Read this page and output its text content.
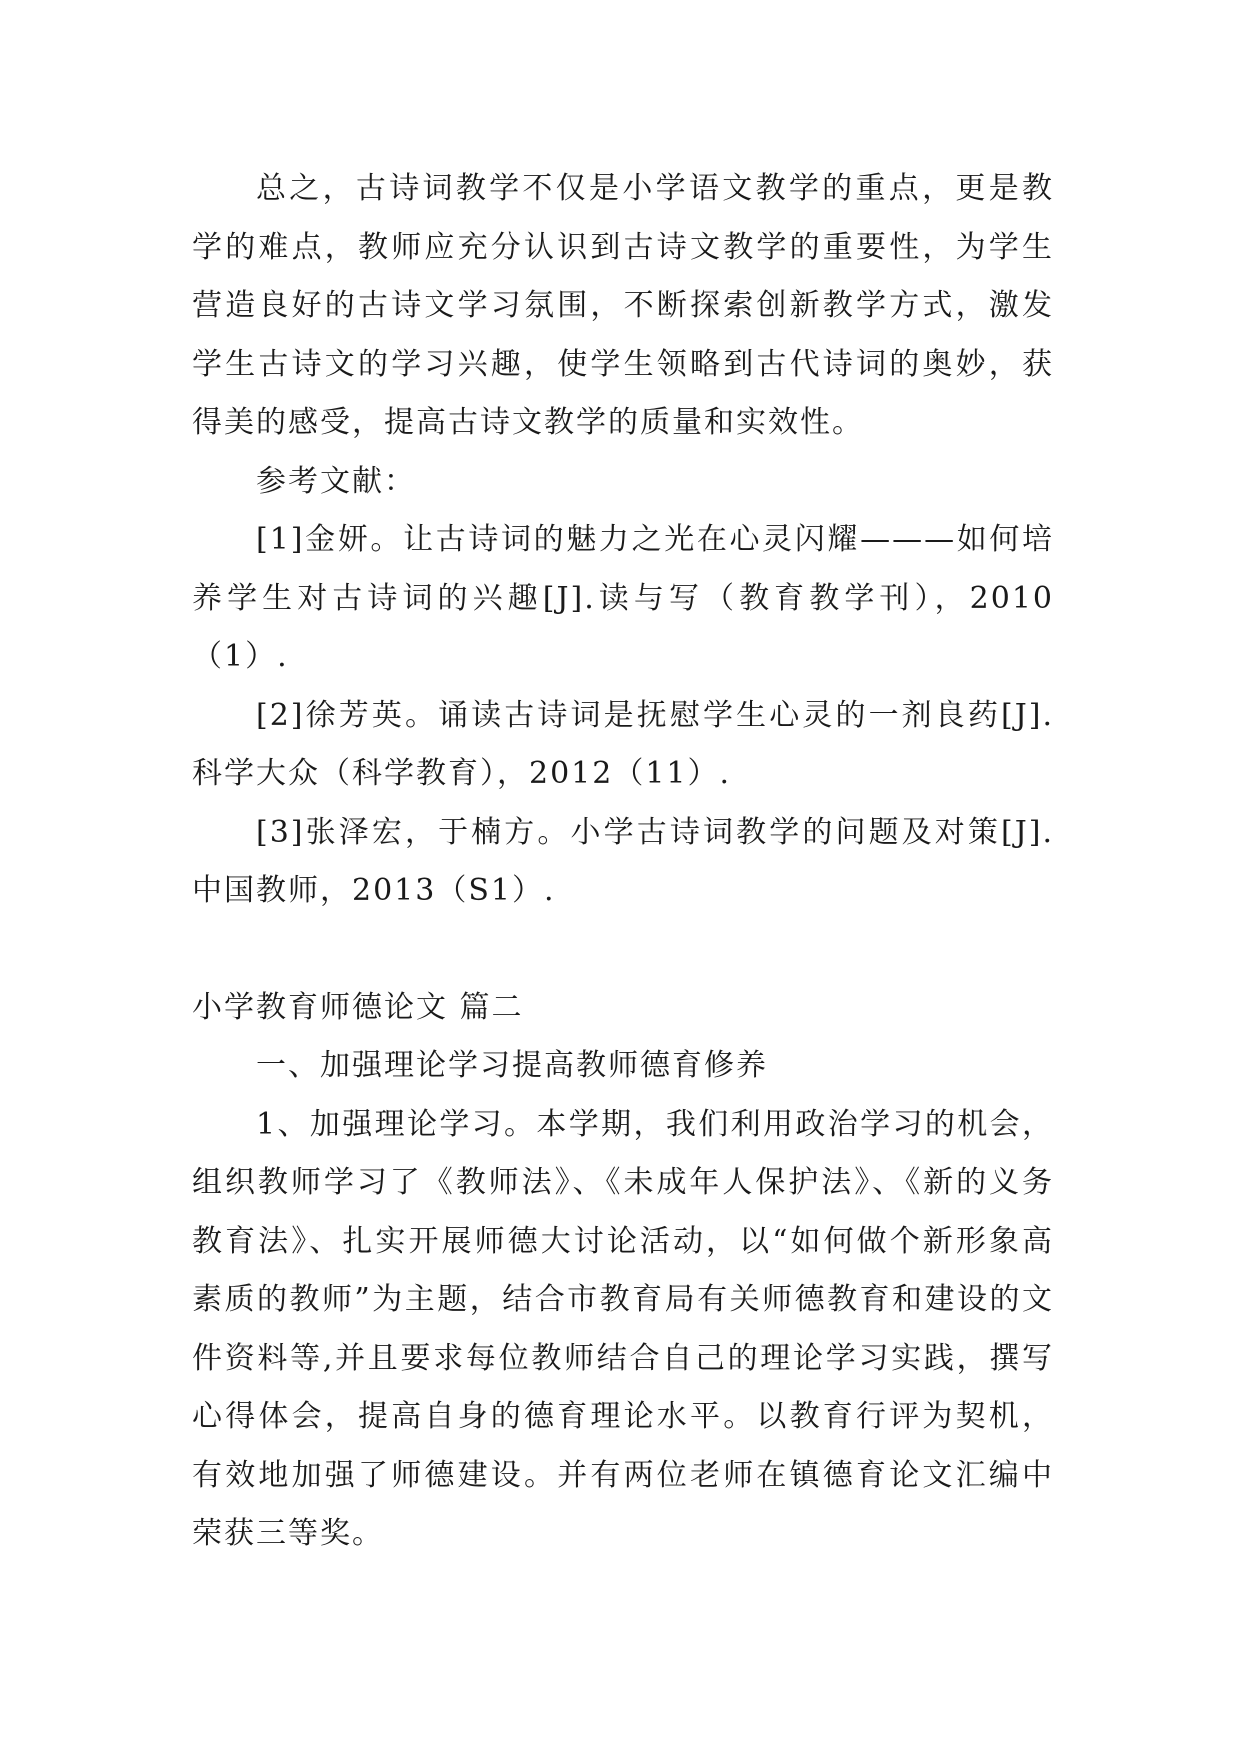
总之，古诗词教学不仅是小学语文教学的重点，更是教学的难点，教师应充分认识到古诗文教学的重要性，为学生营造良好的古诗文学习氛围，不断探索创新教学方式，激发学生古诗文的学习兴趣，使学生领略到古代诗词的奥妙，获得美的感受，提高古诗文教学的质量和实效性。

参考文献：

[1]金妍。让古诗词的魅力之光在心灵闪耀———如何培养学生对古诗词的兴趣[J].读与写（教育教学刊），2010（1）.

[2]徐芳英。诵读古诗词是抚慰学生心灵的一剂良药[J].科学大众（科学教育），2012（11）.

[3]张泽宏，于楠方。小学古诗词教学的问题及对策[J].中国教师，2013（S1）.

小学教育师德论文 篇二

一、加强理论学习提高教师德育修养

1、加强理论学习。本学期，我们利用政治学习的机会，组织教师学习了《教师法》、《未成年人保护法》、《新的义务教育法》、扎实开展师德大讨论活动，以“如何做个新形象高素质的教师”为主题，结合市教育局有关师德教育和建设的文件资料等,并且要求每位教师结合自己的理论学习实践，撰写心得体会，提高自身的德育理论水平。以教育行评为契机，有效地加强了师德建设。并有两位老师在镇德育论文汇编中荣获三等奖。
